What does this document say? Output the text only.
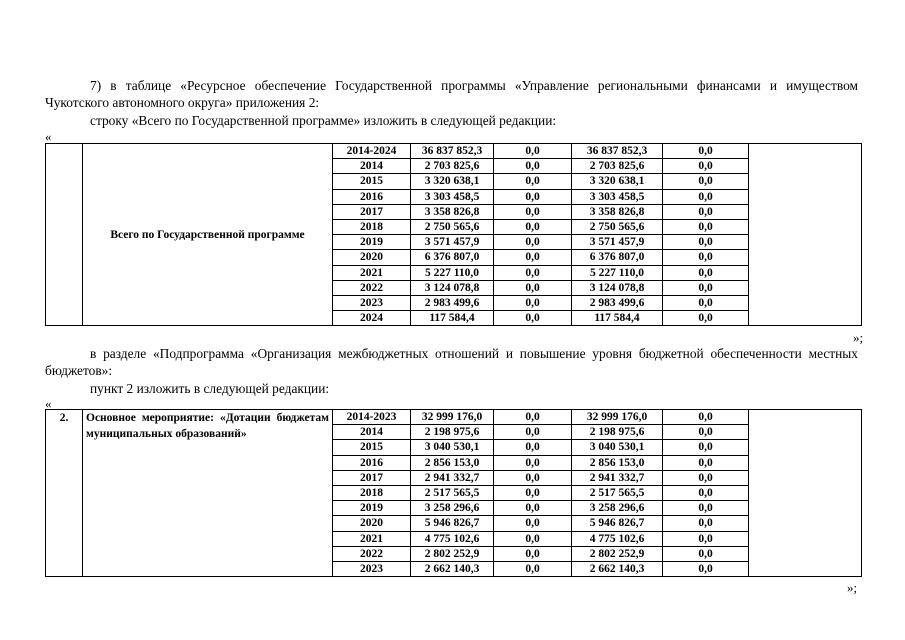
7) в таблице «Ресурсное обеспечение Государственной программы «Управление региональными финансами и имуществом Чукотского автономного округа» приложения 2:
строку «Всего по Государственной программе» изложить в следующей редакции:
«
	Всего по Государственной программе	2014-2024	36 837 852,3	0,0	36 837 852,3	0,0	
		2014	2 703 825,6	0,0	2 703 825,6	0,0	
		2015	3 320 638,1	0,0	3 320 638,1	0,0	
		2016	3 303 458,5	0,0	3 303 458,5	0,0	
		2017	3 358 826,8	0,0	3 358 826,8	0,0	
		2018	2 750 565,6	0,0	2 750 565,6	0,0	
		2019	3 571 457,9	0,0	3 571 457,9	0,0	
		2020	6 376 807,0	0,0	6 376 807,0	0,0	
		2021	5 227 110,0	0,0	5 227 110,0	0,0	
		2022	3 124 078,8	0,0	3 124 078,8	0,0	
		2023	2 983 499,6	0,0	2 983 499,6	0,0	
		2024	117 584,4	0,0	117 584,4	0,0	
»;
в разделе «Подпрограмма «Организация межбюджетных отношений и повышение уровня бюджетной обеспеченности местных бюджетов»:
пункт 2 изложить в следующей редакции:
«
2.	Основное мероприятие: «Дотации бюджетам муниципальных образований»	2014-2023	32 999 176,0	0,0	32 999 176,0	0,0	
		2014	2 198 975,6	0,0	2 198 975,6	0,0	
		2015	3 040 530,1	0,0	3 040 530,1	0,0	
		2016	2 856 153,0	0,0	2 856 153,0	0,0	
		2017	2 941 332,7	0,0	2 941 332,7	0,0	
		2018	2 517 565,5	0,0	2 517 565,5	0,0	
		2019	3 258 296,6	0,0	3 258 296,6	0,0	
		2020	5 946 826,7	0,0	5 946 826,7	0,0	
		2021	4 775 102,6	0,0	4 775 102,6	0,0	
		2022	2 802 252,9	0,0	2 802 252,9	0,0	
		2023	2 662 140,3	0,0	2 662 140,3	0,0	
»;
